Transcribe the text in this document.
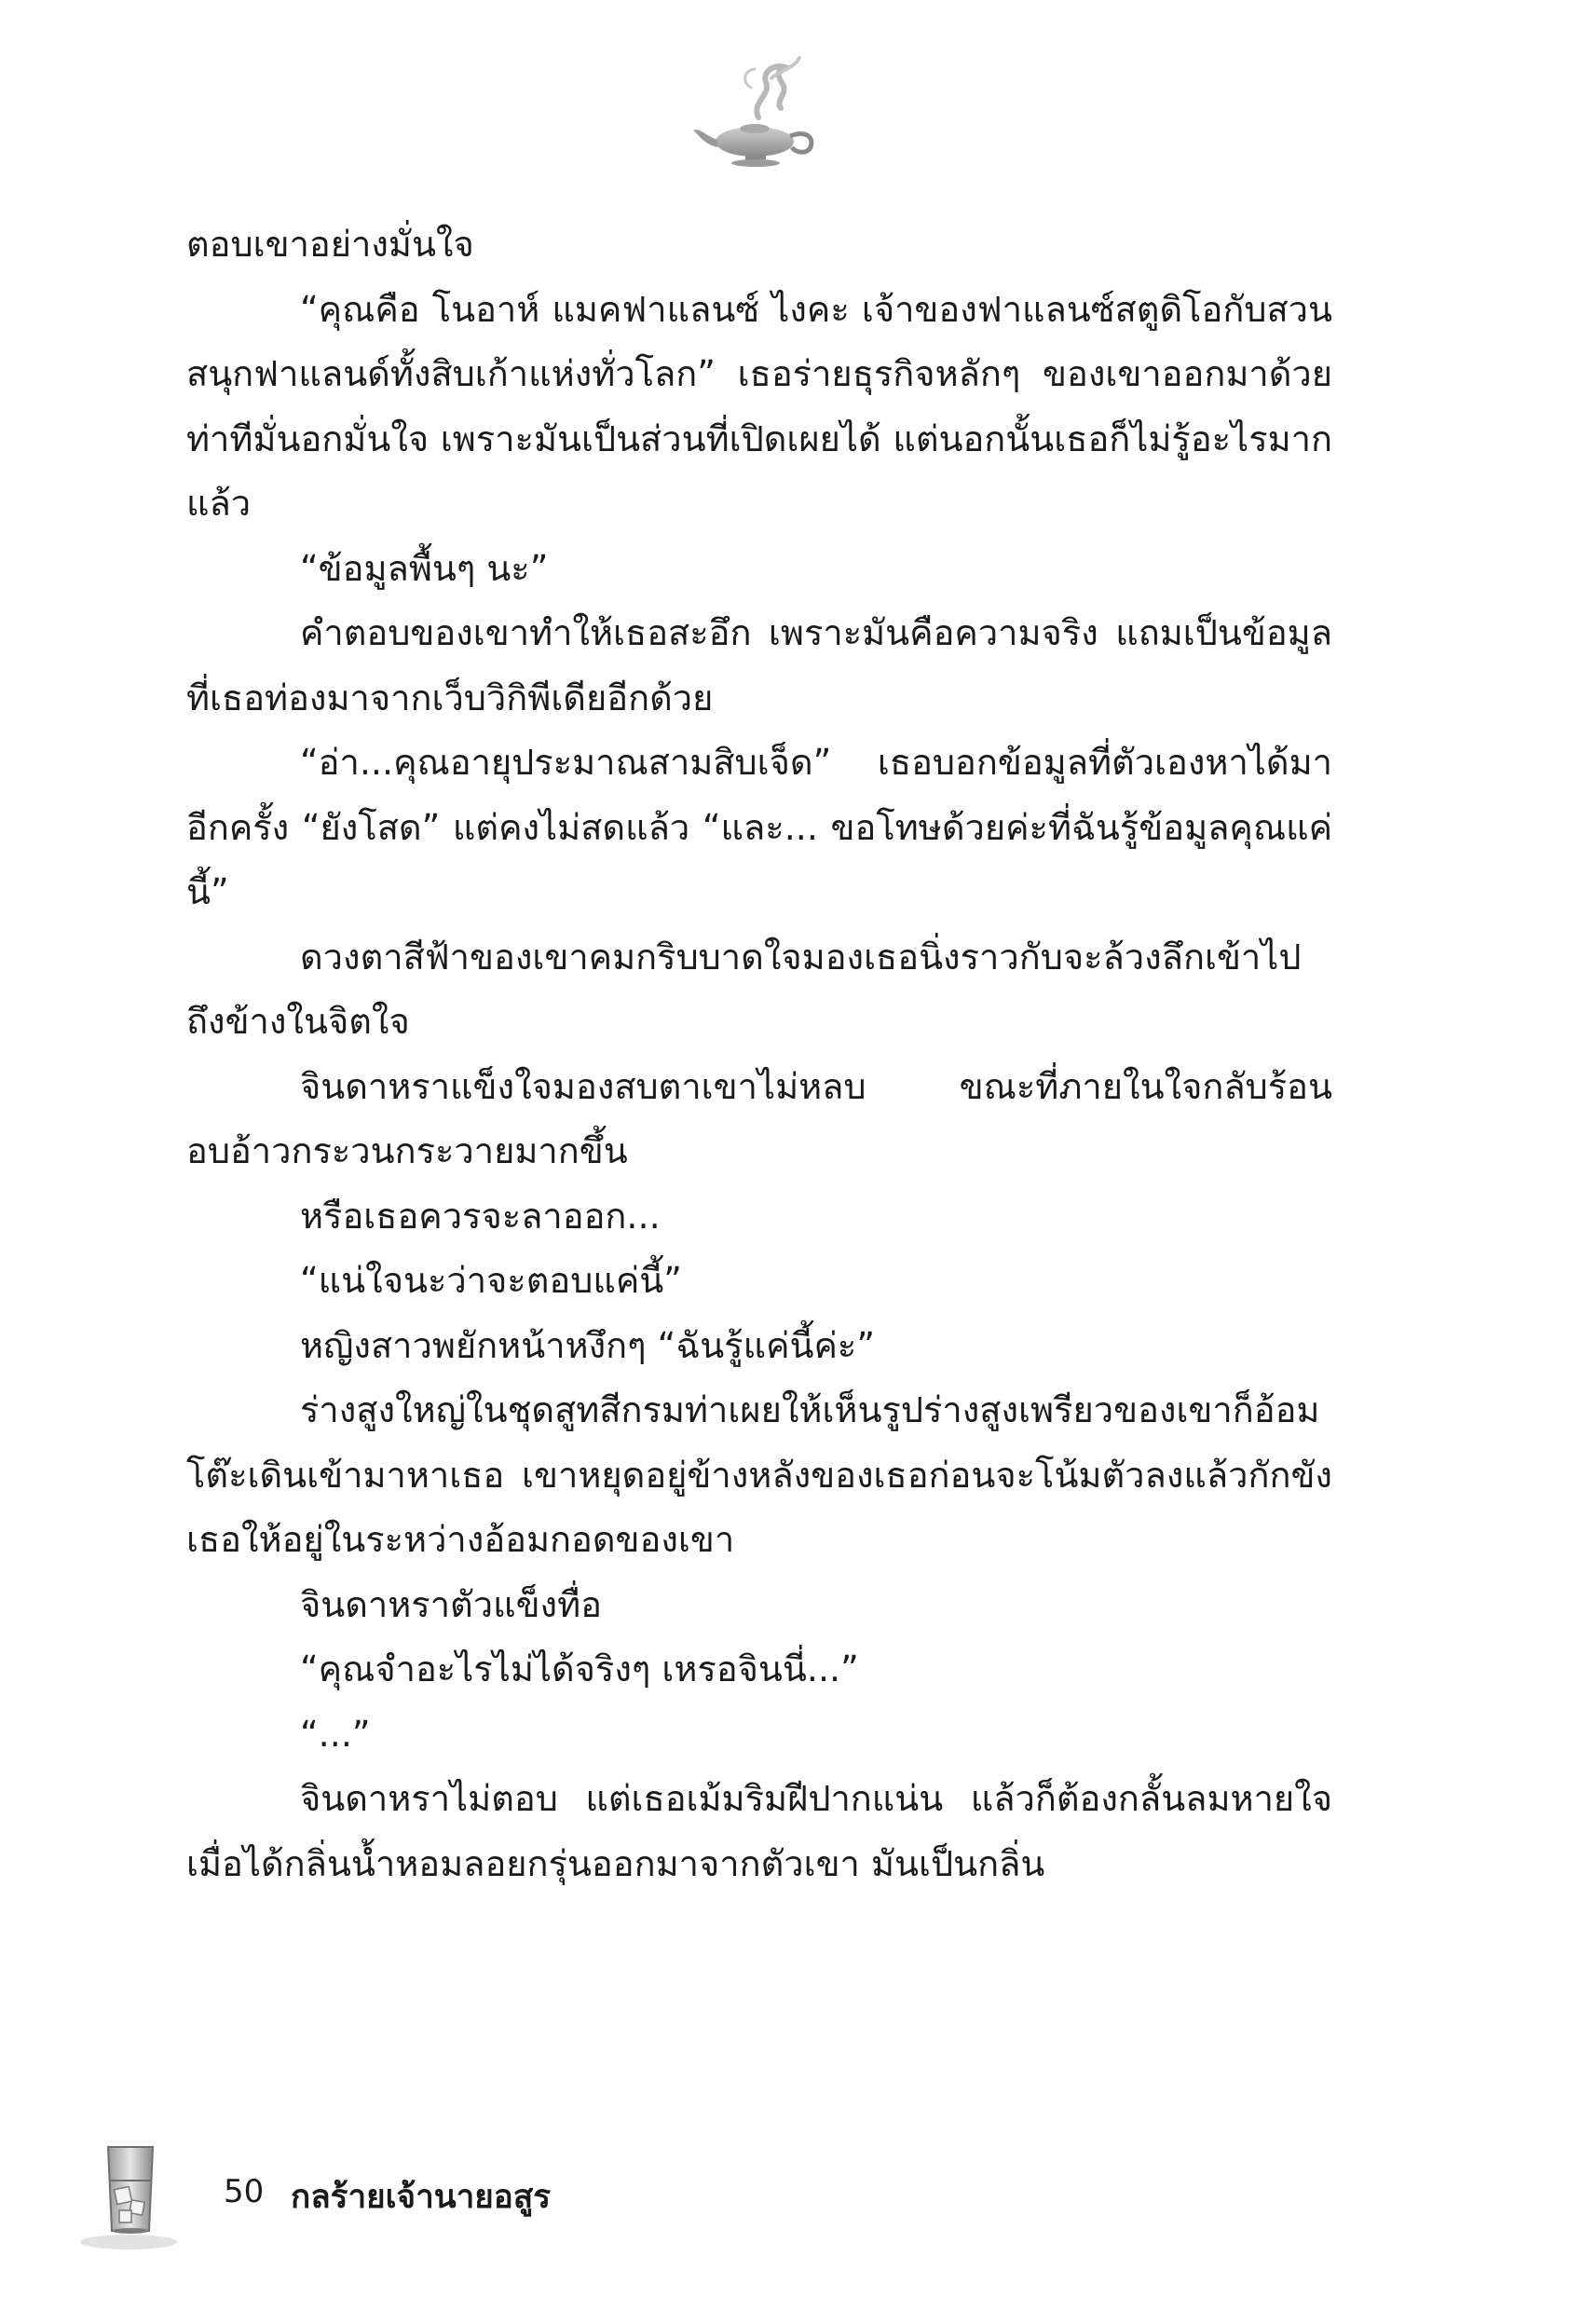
ตอบเขาอย่างมั่นใจ

“คุณคือ โนอาห์ แมคฟาแลนซ์ ไงคะ เจ้าของฟาแลนซ์สตูดิโอกับสวนสนุกฟาแลนด์ทั้งสิบเก้าแห่งทั่วโลก” เธอร่ายธุรกิจหลักๆ ของเขาออกมาด้วยท่าทีมั่นอกมั่นใจ เพราะมันเป็นส่วนที่เปิดเผยได้ แต่นอกนั้นเธอก็ไม่รู้อะไรมากแล้ว

“ข้อมูลพื้นๆ นะ”

คำตอบของเขาทำให้เธอสะอึก เพราะมันคือความจริง แถมเป็นข้อมูลที่เธอท่องมาจากเว็บวิกิพีเดียอีกด้วย

“อ่า...คุณอายุประมาณสามสิบเจ็ด” เธอบอกข้อมูลที่ตัวเองหาได้มาอีกครั้ง “ยังโสด” แต่คงไม่สดแล้ว “และ... ขอโทษด้วยค่ะที่ฉันรู้ข้อมูลคุณแค่นี้”

ดวงตาสีฟ้าของเขาคมกริบบาดใจมองเธอนิ่งราวกับจะล้วงลึกเข้าไปถึงข้างในจิตใจ

จินดาหราแข็งใจมองสบตาเขาไม่หลบ ขณะที่ภายในใจกลับร้อนอบอ้าวกระวนกระวายมากขึ้น

หรือเธอควรจะลาออก...

“แน่ใจนะว่าจะตอบแค่นี้”

หญิงสาวพยักหน้าหงึกๆ “ฉันรู้แค่นี้ค่ะ”

ร่างสูงใหญ่ในชุดสูทสีกรมท่าเผยให้เห็นรูปร่างสูงเพรียวของเขาก็อ้อมโต๊ะเดินเข้ามาหาเธอ เขาหยุดอยู่ข้างหลังของเธอก่อนจะโน้มตัวลงแล้วกักขังเธอให้อยู่ในระหว่างอ้อมกอดของเขา

จินดาหราตัวแข็งทื่อ

“คุณจำอะไรไม่ได้จริงๆ เหรอจินนี่...”

“...”

จินดาหราไม่ตอบ แต่เธอเม้มริมฝีปากแน่น แล้วก็ต้องกลั้นลมหายใจเมื่อได้กลิ่นน้ำหอมลอยกรุ่นออกมาจากตัวเขา มันเป็นกลิ่น

50 กลร้ายเจ้านายอสูร
